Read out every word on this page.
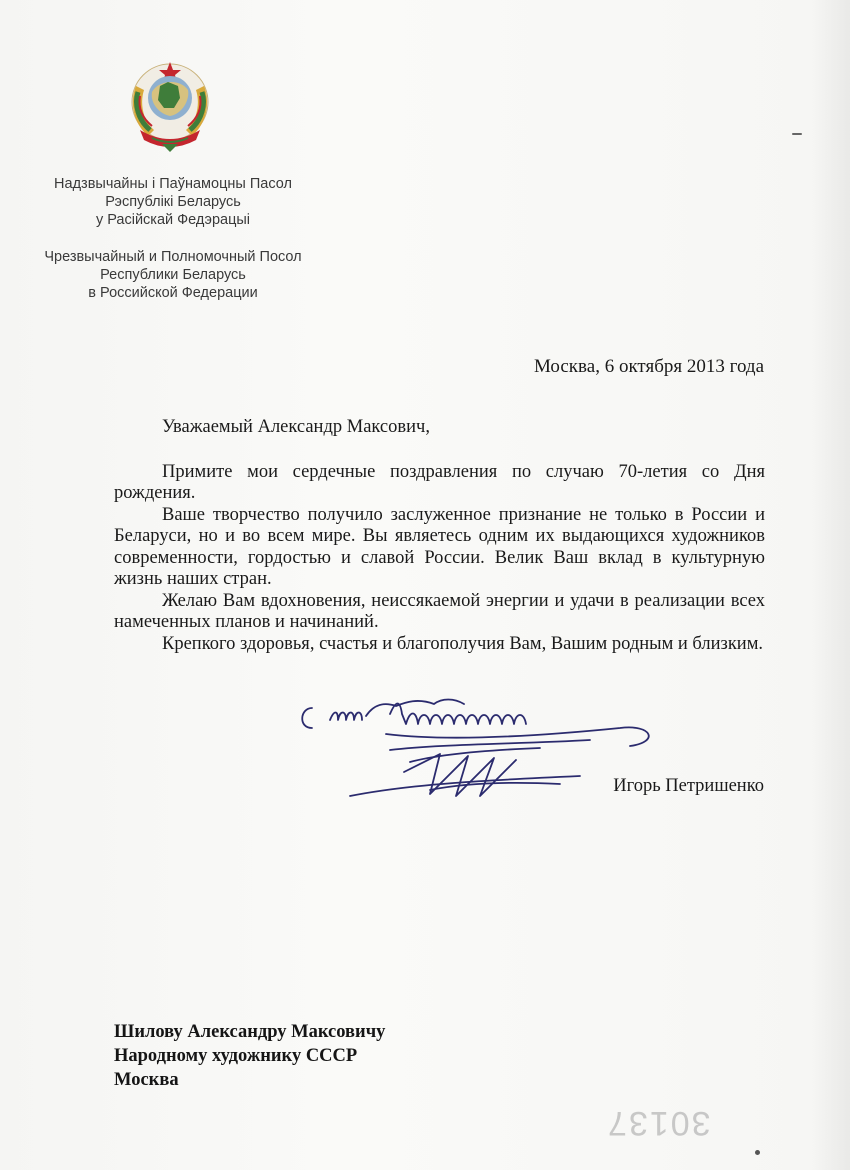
Надзвычайны і Паўнамоцны Пасол
Рэспублікі Беларусь
у Расійскай Федэрацыі
Чрезвычайный и Полномочный Посол
Республики Беларусь
в Российской Федерации
Москва, 6 октября 2013 года

Уважаемый Александр Максович,

Примите мои сердечные поздравления по случаю 70-летия со Дня рождения.

Ваше творчество получило заслуженное признание не только в России и Беларуси, но и во всем мире. Вы являетесь одним их выдающихся художников современности, гордостью и славой России. Велик Ваш вклад в культурную жизнь наших стран.

Желаю Вам вдохновения, неиссякаемой энергии и удачи в реализации всех намеченных планов и начинаний.

Крепкого здоровья, счастья и благополучия Вам, Вашим родным и близким.

Игорь Петришенко
Шилову Александру Максовичу
Народному художнику СССР
Москва
30137
